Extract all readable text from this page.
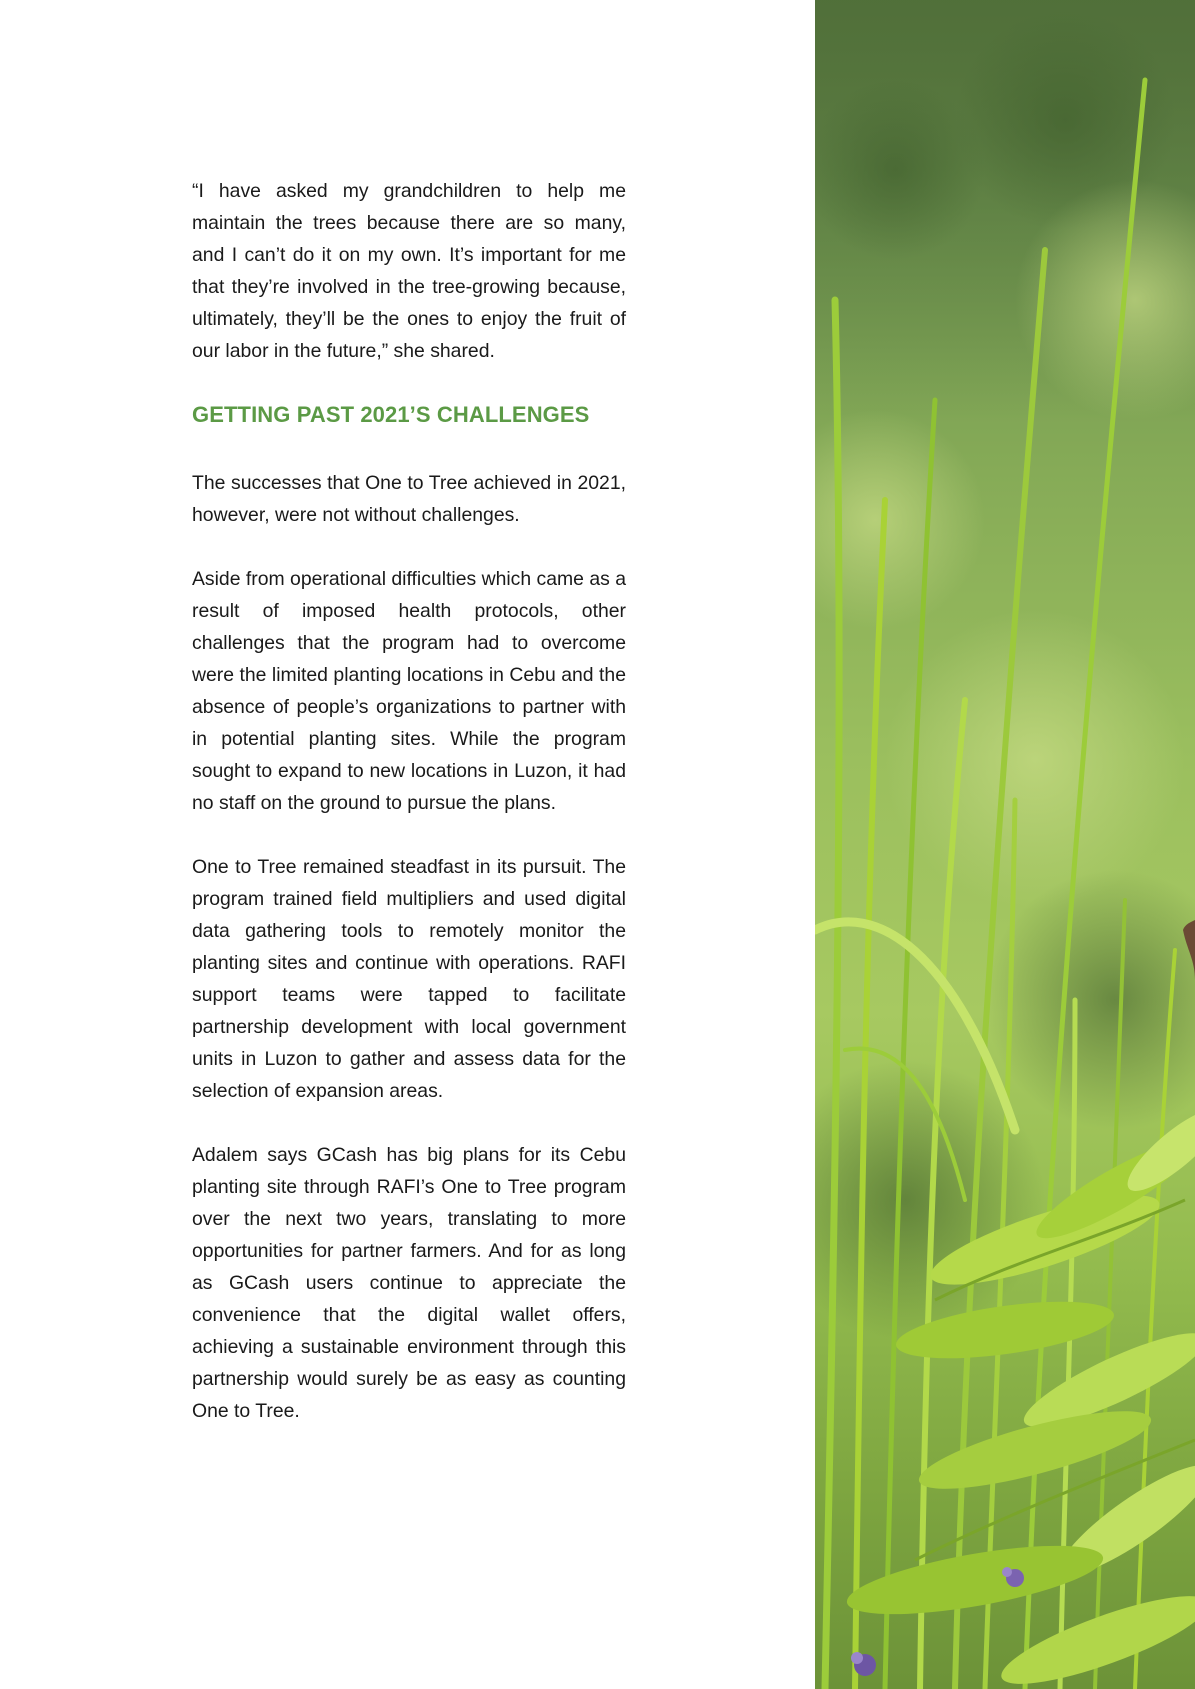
“I have asked my grandchildren to help me maintain the trees because there are so many, and I can’t do it on my own. It’s important for me that they’re involved in the tree-growing because, ultimately, they’ll be the ones to enjoy the fruit of our labor in the future,” she shared.

GETTING PAST 2021’S CHALLENGES

The successes that One to Tree achieved in 2021, however, were not without challenges.

Aside from operational difficulties which came as a result of imposed health protocols, other challenges that the program had to overcome were the limited planting locations in Cebu and the absence of people’s organizations to partner with in potential planting sites. While the program sought to expand to new locations in Luzon, it had no staff on the ground to pursue the plans.

One to Tree remained steadfast in its pursuit. The program trained field multipliers and used digital data gathering tools to remotely monitor the planting sites and continue with operations. RAFI support teams were tapped to facilitate partnership development with local government units in Luzon to gather and assess data for the selection of expansion areas.

Adalem says GCash has big plans for its Cebu planting site through RAFI’s One to Tree program over the next two years, translating to more opportunities for partner farmers. And for as long as GCash users continue to appreciate the convenience that the digital wallet offers, achieving a sustainable environment through this partnership would surely be as easy as counting One to Tree.
